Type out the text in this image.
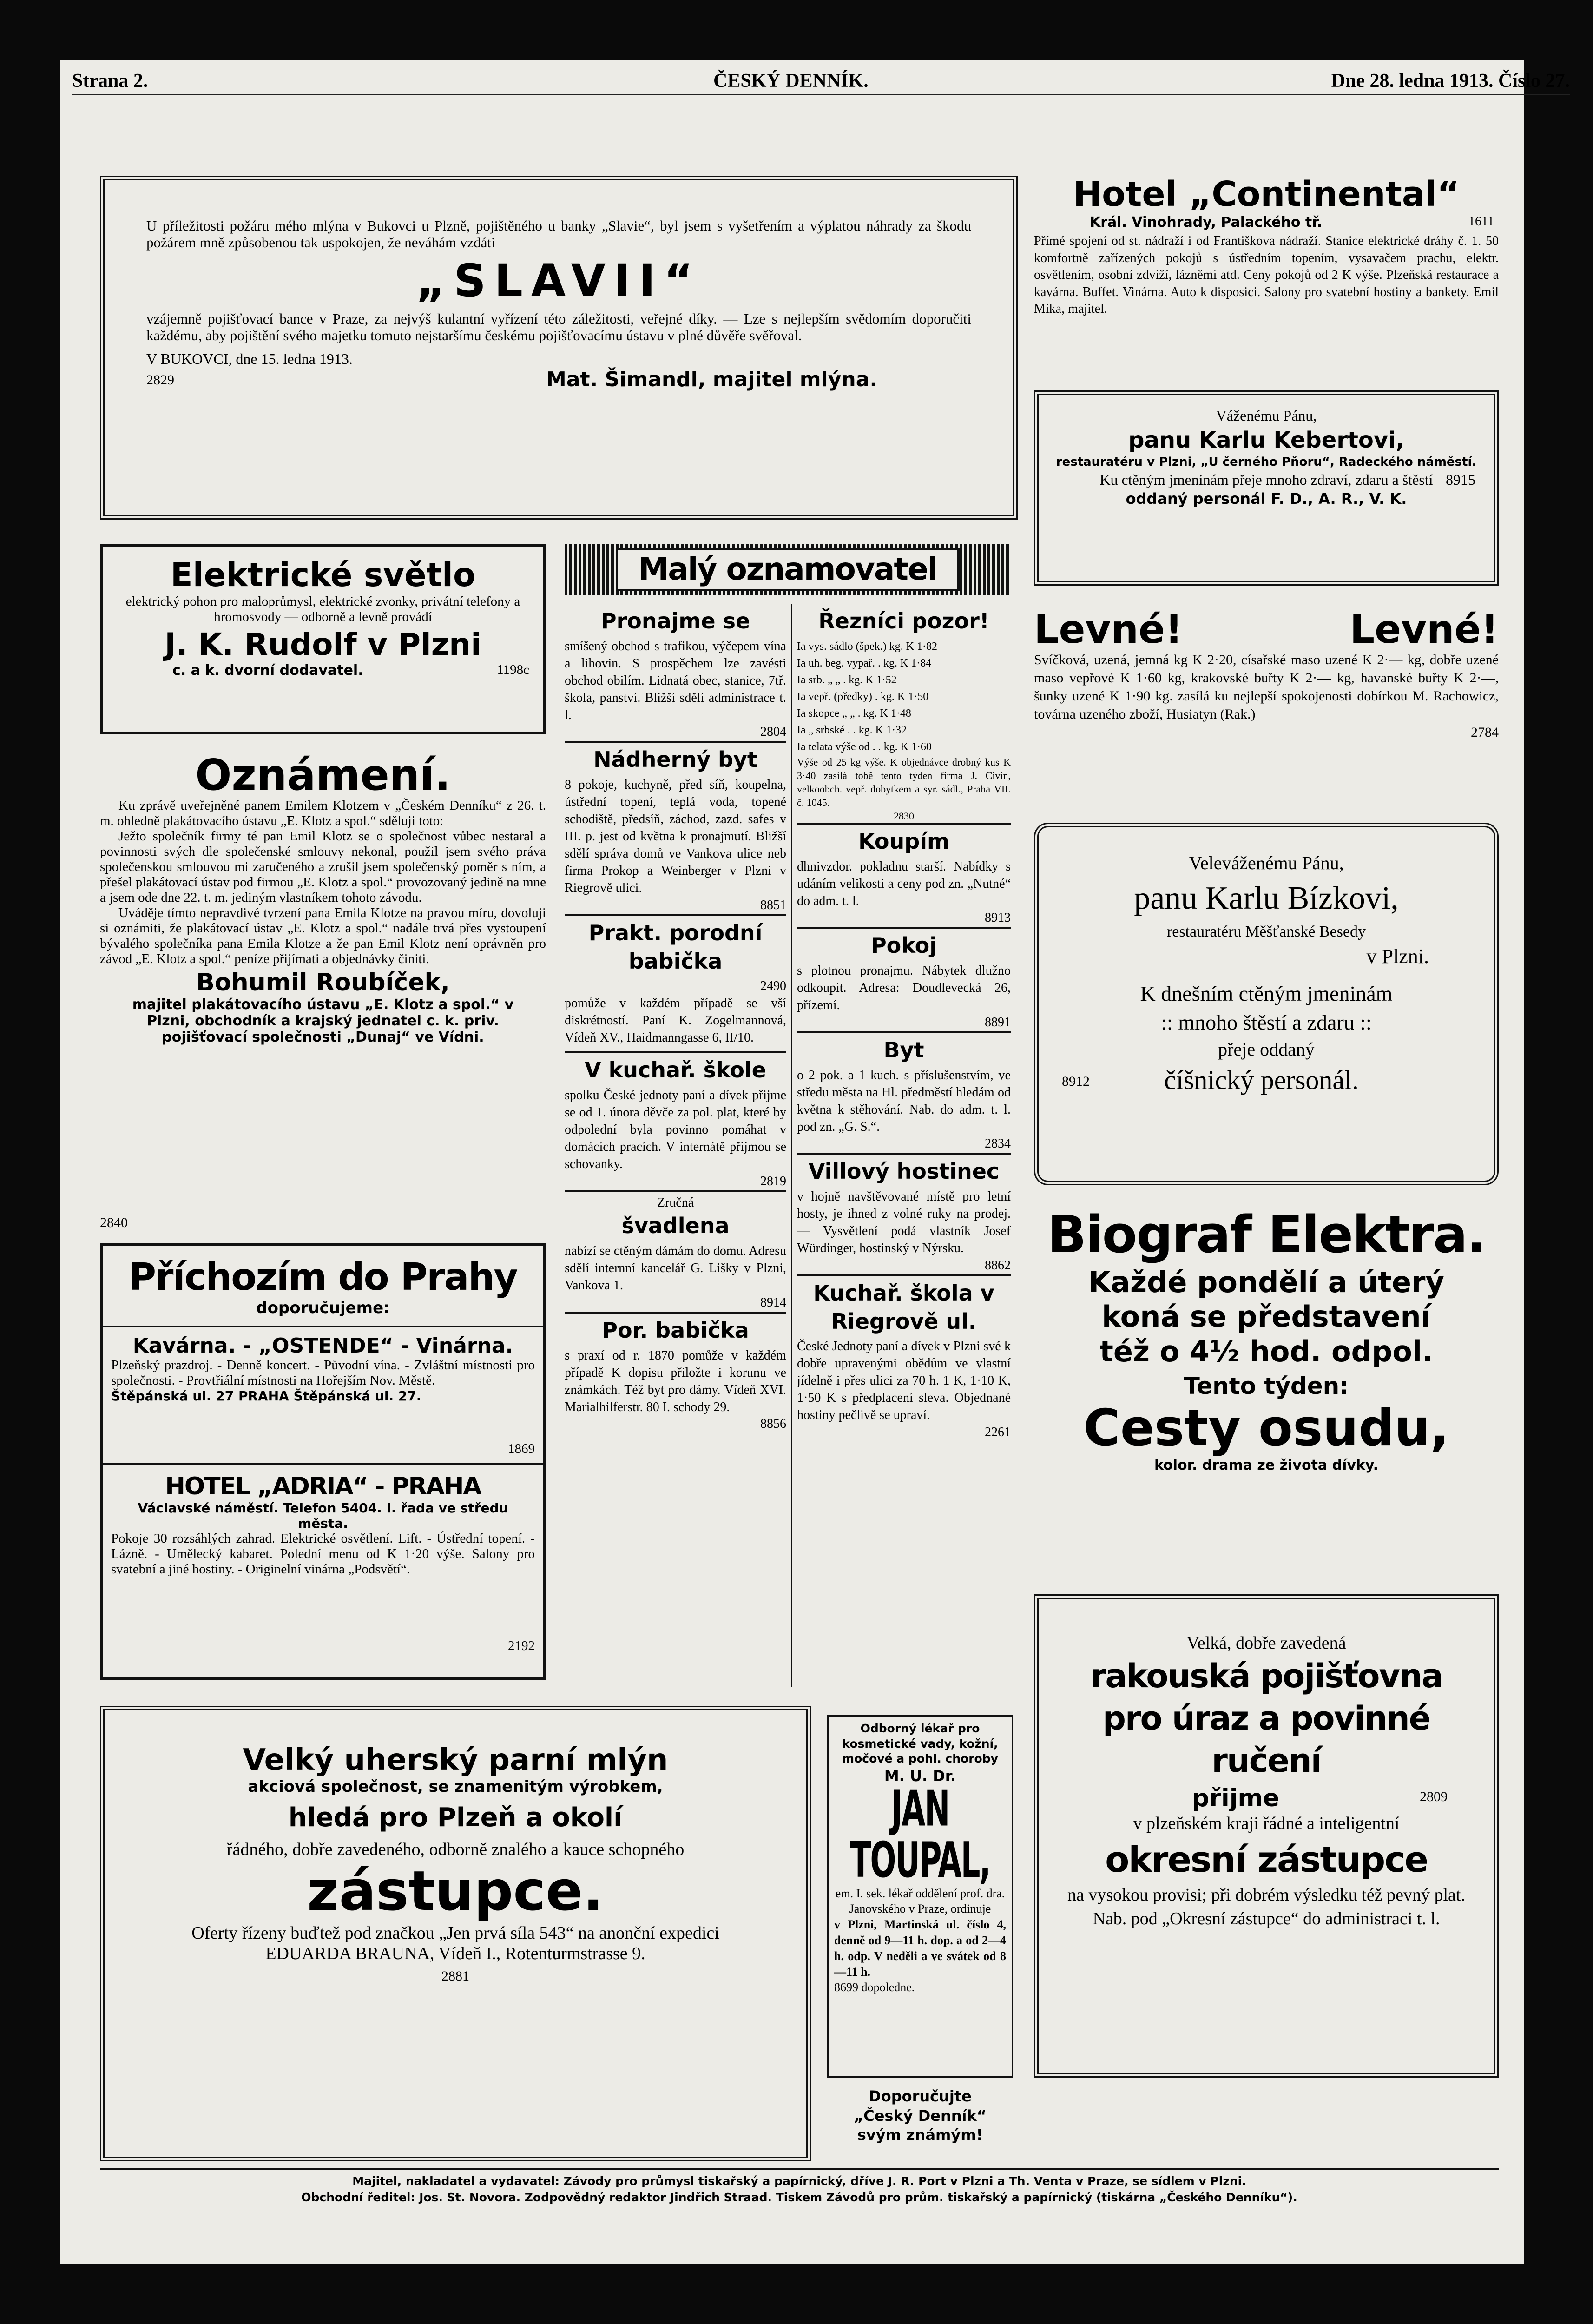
Strana 2.	ČESKÝ DENNÍK.	Dne 28. ledna 1913. Číslo 27.

U příležitosti požáru mého mlýna v Bukovci u Plzně, pojištěného u banky „Slavie“, byl jsem s vyšetřením a výplatou náhrady za škodu požárem mně způsobenou tak uspokojen, že neváhám vzdáti

„SLAVII“

vzájemně pojišťovací bance v Praze, za nejvýš kulantní vyřízení této záležitosti, veřejné díky. — Lze s nejlepším svědomím doporučiti každému, aby pojištění svého majetku tomuto nejstaršímu českému pojišťovacímu ústavu v plné důvěře svěřoval.

V BUKOVCI, dne 15. ledna 1913.

2829	Mat. Šimandl, majitel mlýna.
Elektrické světlo

elektrický pohon pro maloprůmysl, elektrické zvonky, privátní telefony a hromosvody — odborně a levně provádí

J. K. Rudolf v Plzni
c. a k. dvorní dodavatel.	1198c
Oznámení.

Ku zprávě uveřejněné panem Emilem Klotzem v „Českém Denníku“ z 26. t. m. ohledně plakátovacího ústavu „E. Klotz a spol.“ sděluji toto:

Ježto společník firmy té pan Emil Klotz se o společnost vůbec nestaral a povinnosti svých dle společenské smlouvy nekonal, použil jsem svého práva společenskou smlouvou mi zaručeného a zrušil jsem společenský poměr s ním, a přešel plakátovací ústav pod firmou „E. Klotz a spol.“ provozovaný jedině na mne a jsem ode dne 22. t. m. jediným vlastníkem tohoto závodu.

Uváděje tímto nepravdivé tvrzení pana Emila Klotze na pravou míru, dovoluji si oznámiti, že plakátovací ústav „E. Klotz a spol.“ nadále trvá přes vystoupení bývalého společníka pana Emila Klotze a že pan Emil Klotz není oprávněn pro závod „E. Klotz a spol.“ peníze přijímati a objednávky činiti.

Bohumil Roubíček,

majitel plakátovacího ústavu „E. Klotz a spol.“ v Plzni, obchodník a krajský jednatel c. k. priv. pojišťovací společnosti „Dunaj“ ve Vídni.

2840
Příchozím do Prahy
doporučujeme:
Kavárna. - „OSTENDE“ - Vinárna.

Plzeňský prazdroj. - Denně koncert. - Původní vína. - Zvláštní místnosti pro společnosti. - Provtřiální místnosti na Hořejším Nov. Městě.

Štěpánská ul. 27 PRAHA Štěpánská ul. 27.

1869
HOTEL „ADRIA“ - PRAHA

Václavské náměstí. Telefon 5404. I. řada ve středu města.

Pokoje 30 rozsáhlých zahrad. Elektrické osvětlení. Lift. - Ústřední topení. - Lázně. - Umělecký kabaret. Polední menu od K 1·20 výše. Salony pro svatební a jiné hostiny. - Originelní vinárna „Podsvětí“.

2192
Malý oznamovatel
Pronajme se

smíšený obchod s trafikou, výčepem vína a lihovin. S prospěchem lze zavésti obchod obilím. Lidnatá obec, stanice, 7tř. škola, panství. Bližší sdělí administrace t. l.

2804

Nádherný byt

8 pokoje, kuchyně, před síň, koupelna, ústřední topení, teplá voda, topené schodiště, předsíň, záchod, zazd. safes v III. p. jest od května k pronajmutí. Bližší sdělí správa domů ve Vankova ulice neb firma Prokop a Weinberger v Plzni v Riegrově ulici.

8851

Prakt. porodní babička

2490

pomůže v každém případě se vší diskrétností. Paní K. Zogelmannová, Vídeň XV., Haidmanngasse 6, II/10.

V kuchař. škole

spolku České jednoty paní a dívek přijme se od 1. února děvče za pol. plat, které by odpolední byla povinno pomáhat v domácích pracích. V internátě přijmou se schovanky.

2819

Zručná

švadlena

nabízí se ctěným dámám do domu. Adresu sdělí internní kancelář G. Lišky v Plzni, Vankova 1.

8914

Por. babička

s praxí od r. 1870 pomůže v každém případě K dopisu přiložte i korunu ve známkách. Též byt pro dámy. Vídeň XVI. Marialhilferstr. 80 I. schody 29.

8856

Řezníci pozor!
Ia vys. sádlo (špek.) kg. K 1·82
Ia uh. beg. vypař. . kg. K 1·84
Ia srb. „ „ . kg. K 1·52
Ia vepř. (předky) . kg. K 1·50
Ia skopce „ „ . kg. K 1·48
Ia „ srbské . . kg. K 1·32
Ia telata výše od . . kg. K 1·60

Výše od 25 kg výše. K objednávce drobný kus K 3·40 zasílá tobě tento týden firma J. Civín, velkoobch. vepř. dobytkem a syr. sádl., Praha VII. č. 1045.

2830

Koupím

dhnivzdor. pokladnu starší. Nabídky s udáním velikosti a ceny pod zn. „Nutné“ do adm. t. l.

8913

Pokoj

s plotnou pronajmu. Nábytek dlužno odkoupit. Adresa: Doudlevecká 26, přízemí.

8891

Byt

o 2 pok. a 1 kuch. s příslušenstvím, ve středu města na Hl. předměstí hledám od května k stěhování. Nab. do adm. t. l. pod zn. „G. S.“.

2834

Villový hostinec

v hojně navštěvované místě pro letní hosty, je ihned z volné ruky na prodej. — Vysvětlení podá vlastník Josef Würdinger, hostinský v Nýrsku.

8862

Kuchař. škola v Riegrově ul.

České Jednoty paní a dívek v Plzni své k dobře upravenými obědům ve vlastní jídelně i přes ulici za 70 h. 1 K, 1·10 K, 1·50 K s předplacení sleva. Objednané hostiny pečlivě se upraví.

2261

Velký uherský parní mlýn
akciová společnost, se znamenitým výrobkem,
hledá pro Plzeň a okolí

řádného, dobře zavedeného, odborně znalého a kauce schopného

zástupce.

Oferty řízeny buďtež pod značkou „Jen prvá síla 543“ na anonční expedici EDUARDA BRAUNA, Vídeň I., Rotenturmstrasse 9.

2881

Odborný lékař pro kosmetické vady, kožní, močové a pohl. choroby

M. U. Dr.

JAN TOUPAL,

em. I. sek. lékař oddělení prof. dra. Janovského v Praze, ordinuje

v Plzni, Martinská ul. číslo 4, denně od 9—11 h. dop. a od 2—4 h. odp. V neděli a ve svátek od 8—11 h.

8699 dopoledne.

Doporučujte

„Český Denník“

svým známým!

Hotel „Continental“
Král. Vinohrady, Palackého tř.	1611

Přímé spojení od st. nádraží i od Františkova nádraží. Stanice elektrické dráhy č. 1. 50 komfortně zařízených pokojů s ústředním topením, vysavačem prachu, elektr. osvětlením, osobní zdviží, lázněmi atd. Ceny pokojů od 2 K výše. Plzeňská restaurace a kavárna. Buffet. Vinárna. Auto k disposici. Salony pro svatební hostiny a bankety. Emil Mika, majitel.

Váženému Pánu,

panu Karlu Kebertovi,

restauratéru v Plzni, „U černého Pňoru“, Radeckého náměstí.

Ku ctěným jmeninám přeje mnoho zdraví, zdaru a štěstí 8915

oddaný personál F. D., A. R., V. K.

Levné!	Levné!

Svíčková, uzená, jemná kg K 2·20, císařské maso uzené K 2·— kg, dobře uzené maso vepřové K 1·60 kg, krakovské buřty K 2·— kg, havanské buřty K 2·—, šunky uzené K 1·90 kg. zasílá ku nejlepší spokojenosti dobírkou M. Rachowicz, továrna uzeného zboží, Husiatyn (Rak.)

2784

Veleváženému Pánu,

panu Karlu Bízkovi,

restauratéru Měšťanské Besedy

v Plzni.

K dnešním ctěným jmeninám

:: mnoho štěstí a zdaru ::

přeje oddaný

8912	číšnický personál.
Biograf Elektra.

Každé pondělí a úterý

koná se představení

též o 4½ hod. odpol.

Tento týden:

Cesty osudu,

kolor. drama ze života dívky.

Velká, dobře zavedená

rakouská pojišťovna pro úraz a povinné ručení

přijme	2809

v plzeňském kraji řádné a inteligentní

okresní zástupce

na vysokou provisi; při dobrém výsledku též pevný plat.

Nab. pod „Okresní zástupce“ do administraci t. l.

Majitel, nakladatel a vydavatel: Závody pro průmysl tiskařský a papírnický, dříve J. R. Port v Plzni a Th. Venta v Praze, se sídlem v Plzni.

Obchodní ředitel: Jos. St. Novora. Zodpovědný redaktor Jindřich Straad. Tiskem Závodů pro prům. tiskařský a papírnický (tiskárna „Českého Denníku“).
